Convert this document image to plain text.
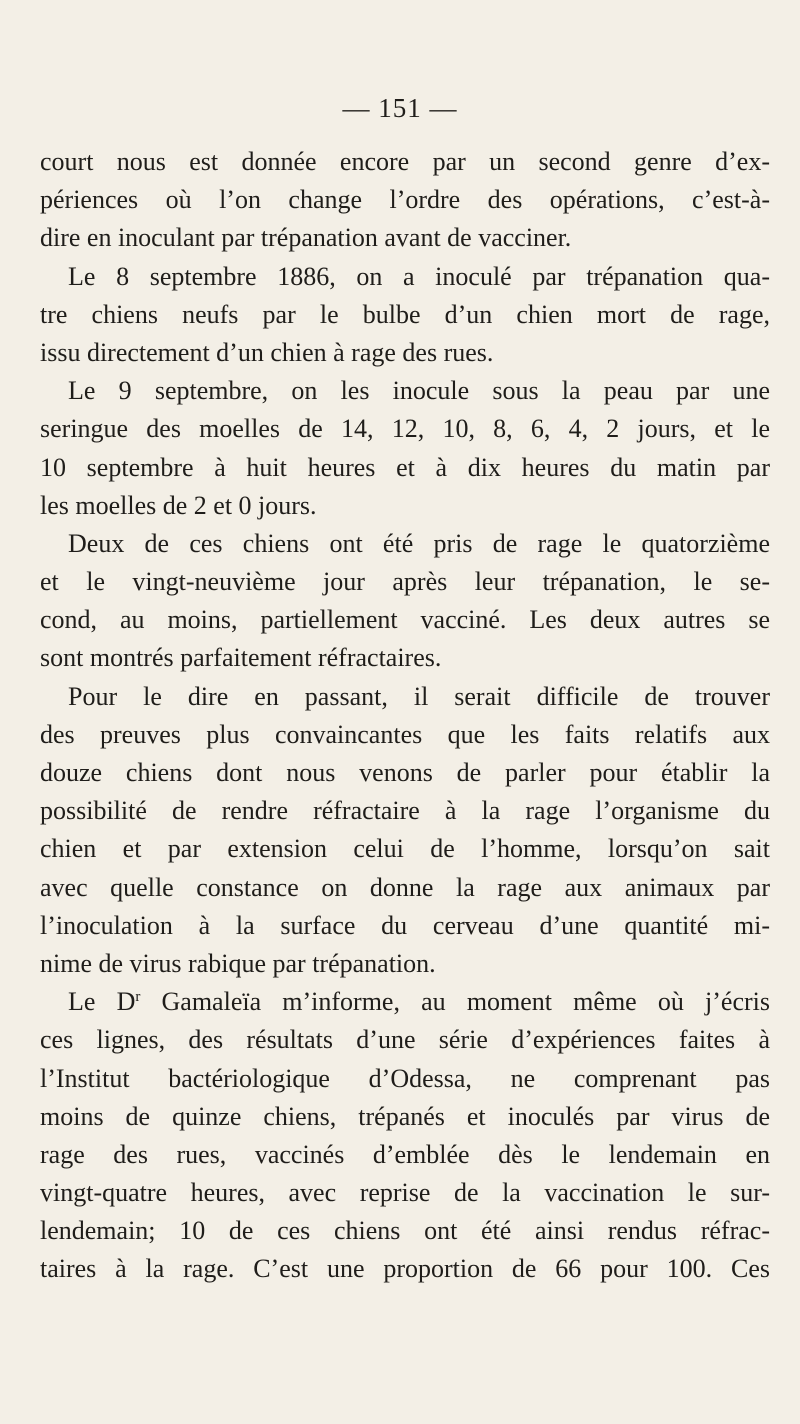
— 151 —
court nous est donnée encore par un second genre d’ex-
périences où l’on change l’ordre des opérations, c’est-à-
dire en inoculant par trépanation avant de vacciner.
Le 8 septembre 1886, on a inoculé par trépanation qua-
tre chiens neufs par le bulbe d’un chien mort de rage,
issu directement d’un chien à rage des rues.
Le 9 septembre, on les inocule sous la peau par une
seringue des moelles de 14, 12, 10, 8, 6, 4, 2 jours, et le
10 septembre à huit heures et à dix heures du matin par
les moelles de 2 et 0 jours.
Deux de ces chiens ont été pris de rage le quatorzième
et le vingt-neuvième jour après leur trépanation, le se-
cond, au moins, partiellement vacciné. Les deux autres se
sont montrés parfaitement réfractaires.
Pour le dire en passant, il serait difficile de trouver
des preuves plus convaincantes que les faits relatifs aux
douze chiens dont nous venons de parler pour établir la
possibilité de rendre réfractaire à la rage l’organisme du
chien et par extension celui de l’homme, lorsqu’on sait
avec quelle constance on donne la rage aux animaux par
l’inoculation à la surface du cerveau d’une quantité mi-
nime de virus rabique par trépanation.
Le $D^r$ Gamaleïa m’informe, au moment même où j’écris
ces lignes, des résultats d’une série d’expériences faites à
l’Institut bactériologique d’Odessa, ne comprenant pas
moins de quinze chiens, trépanés et inoculés par virus de
rage des rues, vaccinés d’emblée dès le lendemain en
vingt-quatre heures, avec reprise de la vaccination le sur-
lendemain; 10 de ces chiens ont été ainsi rendus réfrac-
taires à la rage. C’est une proportion de 66 pour 100. Ces
